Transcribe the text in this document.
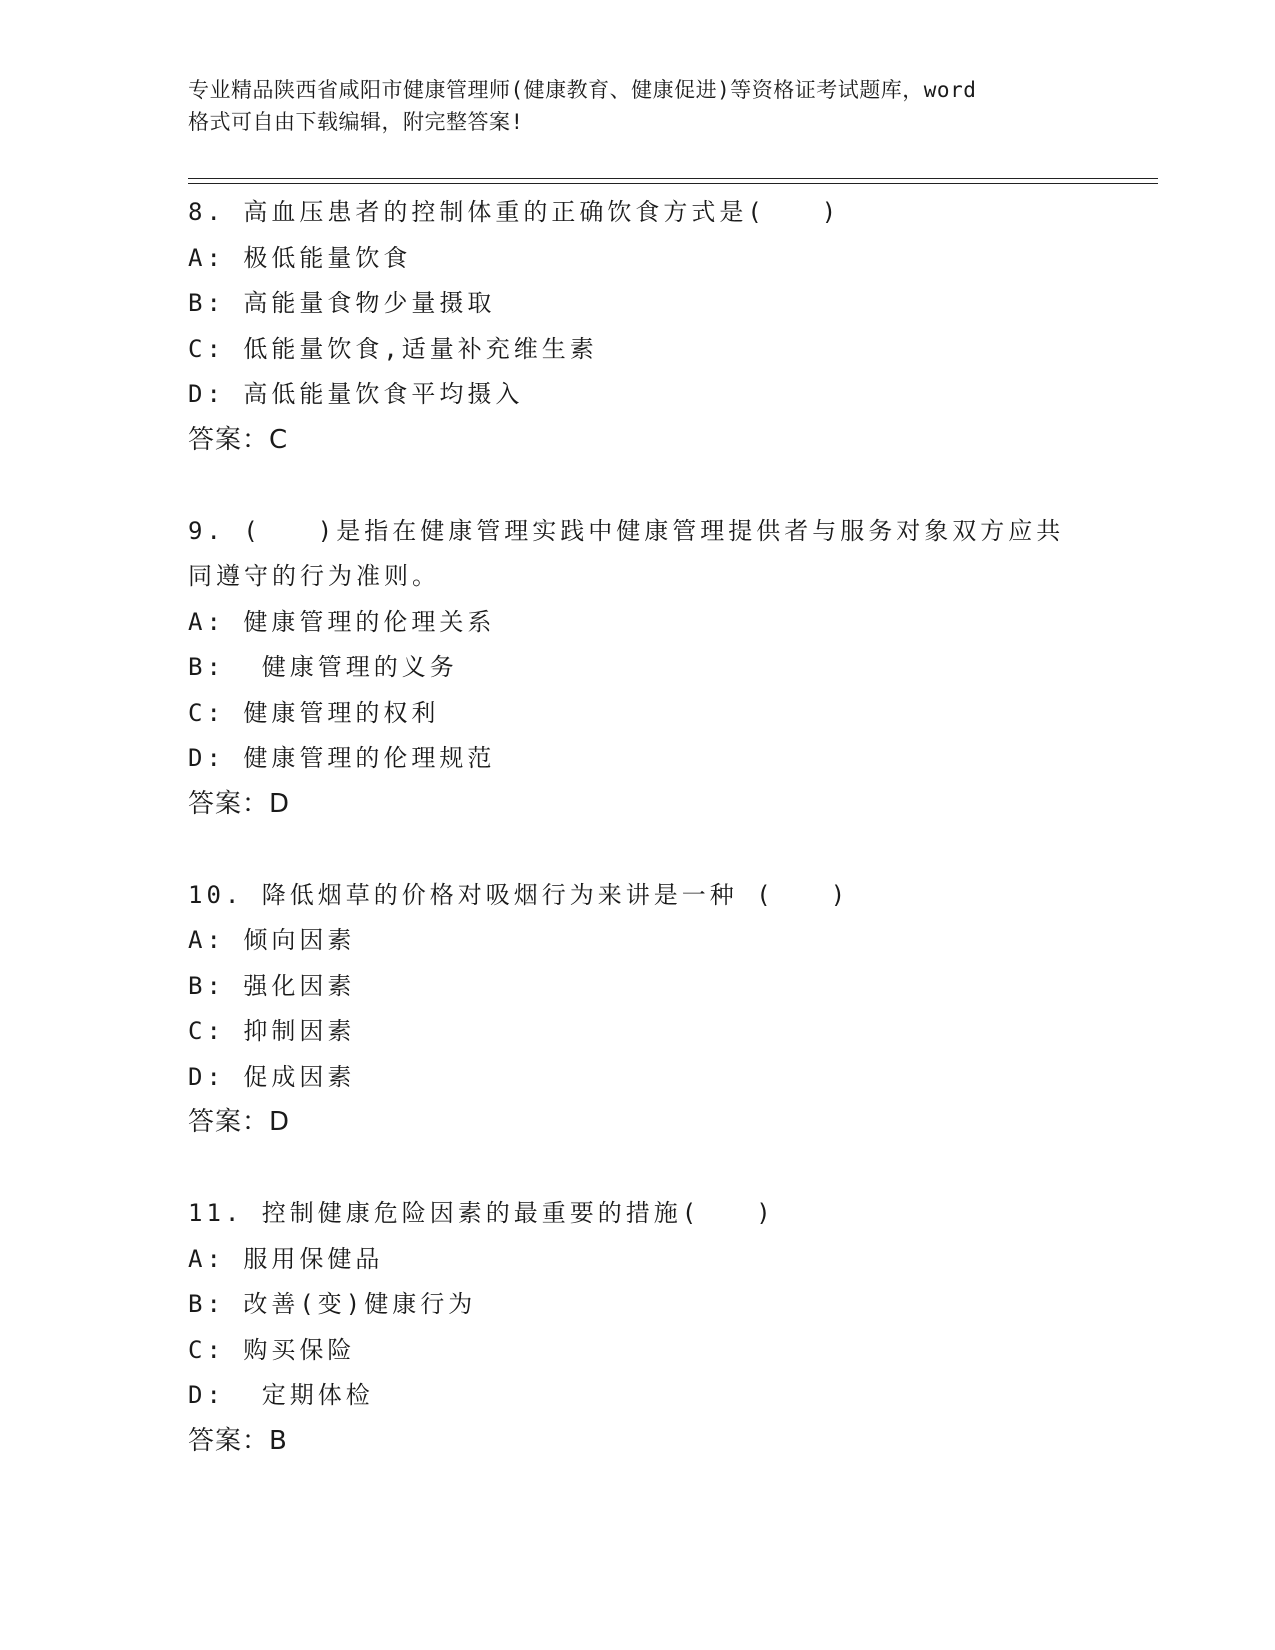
专业精品陕西省咸阳市健康管理师(健康教育、健康促进)等资格证考试题库，word
格式可自由下载编辑，附完整答案!
8. 高血压患者的控制体重的正确饮食方式是(　　)
A: 极低能量饮食
B: 高能量食物少量摄取
C: 低能量饮食,适量补充维生素
D: 高低能量饮食平均摄入
答案：C
9. (　　)是指在健康管理实践中健康管理提供者与服务对象双方应共
同遵守的行为准则。
A: 健康管理的伦理关系
B:  健康管理的义务
C: 健康管理的权利
D: 健康管理的伦理规范
答案：D
10. 降低烟草的价格对吸烟行为来讲是一种 (　　)
A: 倾向因素
B: 强化因素
C: 抑制因素
D: 促成因素
答案：D
11. 控制健康危险因素的最重要的措施(　　)
A: 服用保健品
B: 改善(变)健康行为
C: 购买保险
D:  定期体检
答案：B
